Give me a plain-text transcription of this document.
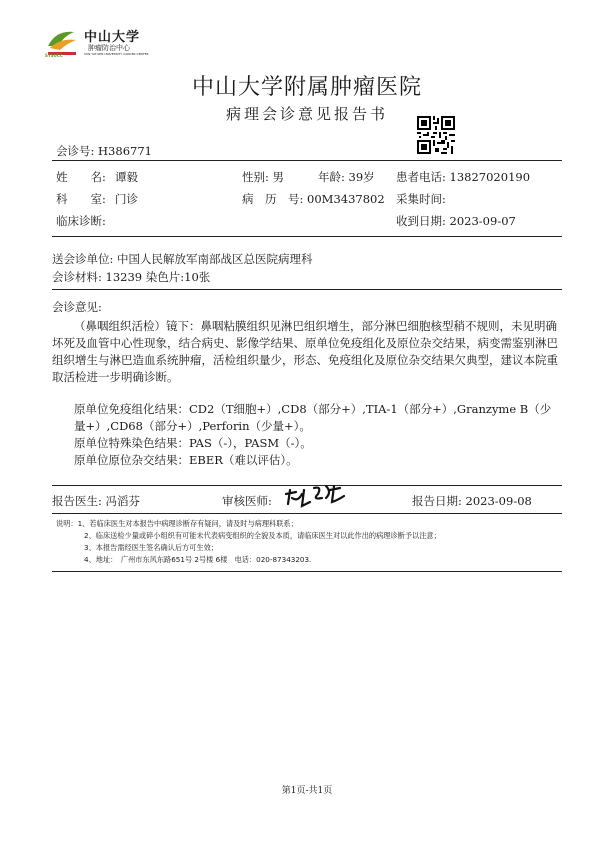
中山大学
肿瘤防治中心
SUN YAT-SEN UNIVERSITY CANCER CENTER
SYSUCC
中山大学附属肿瘤医院
病理会诊意见报告书
会诊号: H386771
姓　　名: 谭毅	性别: 男	年龄: 39岁 患者电话: 13827020190
科　　室: 门诊	病　历　号: 00M3437802 采集时间:
临床诊断:	收到日期: 2023-09-07
送会诊单位: 中国人民解放军南部战区总医院病理科
会诊材料: 13239 染色片:10张
会诊意见:

（鼻咽组织活检）镜下：鼻咽粘膜组织见淋巴组织增生，部分淋巴细胞核型稍不规则，未见明确坏死及血管中心性现象，结合病史、影像学结果、原单位免疫组化及原位杂交结果，病变需鉴别淋巴组织增生与淋巴造血系统肿瘤，活检组织量少，形态、免疫组化及原位杂交结果欠典型，建议本院重取活检进一步明确诊断。

原单位免疫组化结果：CD2（T细胞+）,CD8（部分+）,TIA-1（部分+）,Granzyme B（少量+）,CD68（部分+）,Perforin（少量+）。

原单位特殊染色结果：PAS（-），PASM（-）。

原单位原位杂交结果：EBER（难以评估）。

报告医生: 冯滔芬	审核医师:
冯培
报告日期: 2023-09-08
说明：1、若临床医生对本报告中病理诊断存有疑问，请及时与病理科联系；
2、临床送检少量或碎小组织有可能未代表病变组织的全貌及本质，请临床医生对以此作出的病理诊断予以注意；
3、本报告需经医生签名确认后方可生效；
4、地址：　广州市东风东路651号 2号楼 6楼　电话：020-87343203.
第1页-共1页
